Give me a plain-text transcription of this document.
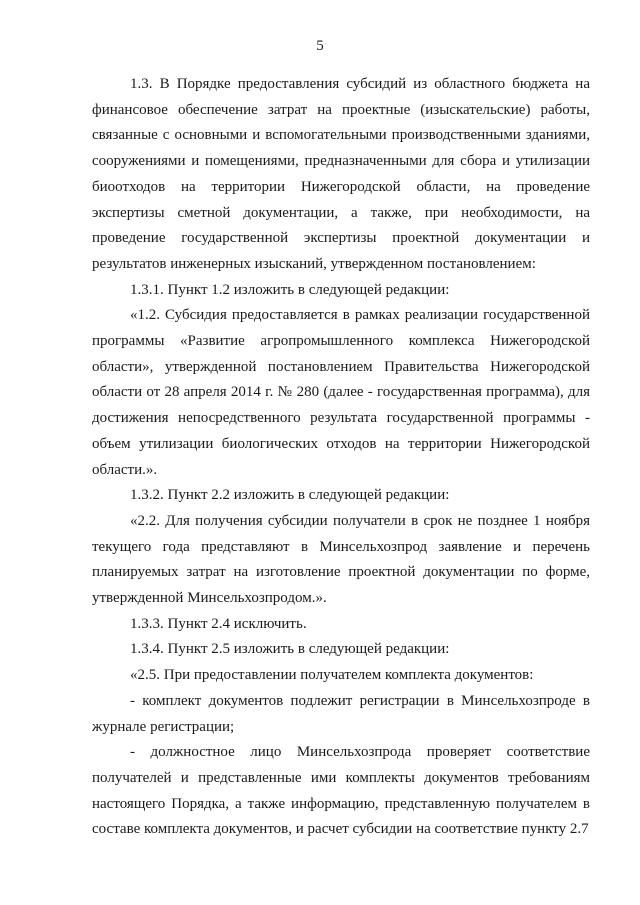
5

1.3. В Порядке предоставления субсидий из областного бюджета на финансовое обеспечение затрат на проектные (изыскательские) работы, связанные с основными и вспомогательными производственными зданиями, сооружениями и помещениями, предназначенными для сбора и утилизации биоотходов на территории Нижегородской области, на проведение экспертизы сметной документации, а также, при необходимости, на проведение государственной экспертизы проектной документации и результатов инженерных изысканий, утвержденном постановлением:

1.3.1. Пункт 1.2 изложить в следующей редакции:

«1.2. Субсидия предоставляется в рамках реализации государственной программы «Развитие агропромышленного комплекса Нижегородской области», утвержденной постановлением Правительства Нижегородской области от 28 апреля 2014 г. № 280 (далее - государственная программа), для достижения непосредственного результата государственной программы - объем утилизации биологических отходов на территории Нижегородской области.».

1.3.2. Пункт 2.2 изложить в следующей редакции:

«2.2. Для получения субсидии получатели в срок не позднее 1 ноября текущего года представляют в Минсельхозпрод заявление и перечень планируемых затрат на изготовление проектной документации по форме, утвержденной Минсельхозпродом.».

1.3.3. Пункт 2.4 исключить.

1.3.4. Пункт 2.5 изложить в следующей редакции:

«2.5. При предоставлении получателем комплекта документов:

- комплект документов подлежит регистрации в Минсельхозпроде в журнале регистрации;

- должностное лицо Минсельхозпрода проверяет соответствие получателей и представленные ими комплекты документов требованиям настоящего Порядка, а также информацию, представленную получателем в составе комплекта документов, и расчет субсидии на соответствие пункту 2.7
